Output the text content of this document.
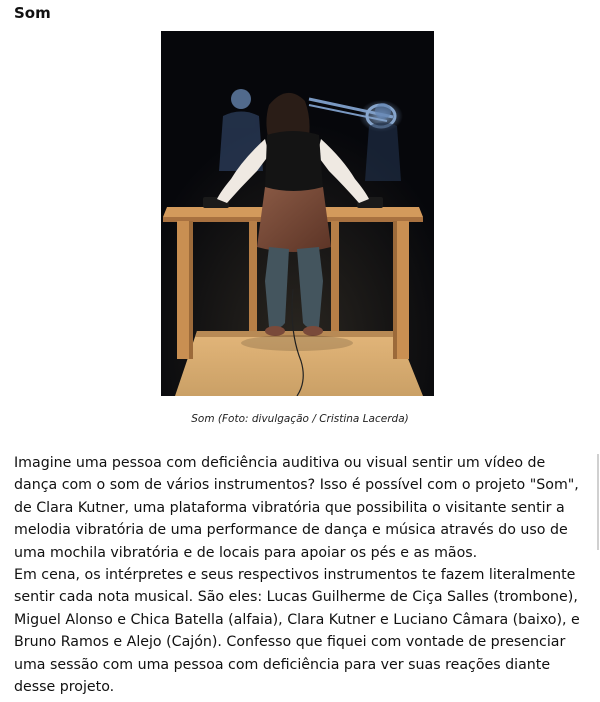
Som
Som (Foto: divulgação / Cristina Lacerda)

Imagine uma pessoa com deficiência auditiva ou visual sentir um vídeo de dança com o som de vários instrumentos? Isso é possível com o projeto "Som", de Clara Kutner, uma plataforma vibratória que possibilita o visitante sentir a melodia vibratória de uma performance de dança e música através do uso de uma mochila vibratória e de locais para apoiar os pés e as mãos.

Em cena, os intérpretes e seus respectivos instrumentos te fazem literalmente sentir cada nota musical. São eles: Lucas Guilherme de Ciça Salles (trombone), Miguel Alonso e Chica Batella (alfaia), Clara Kutner e Luciano Câmara (baixo), e Bruno Ramos e Alejo (Cajón). Confesso que fiquei com vontade de presenciar uma sessão com uma pessoa com deficiência para ver suas reações diante desse projeto.
